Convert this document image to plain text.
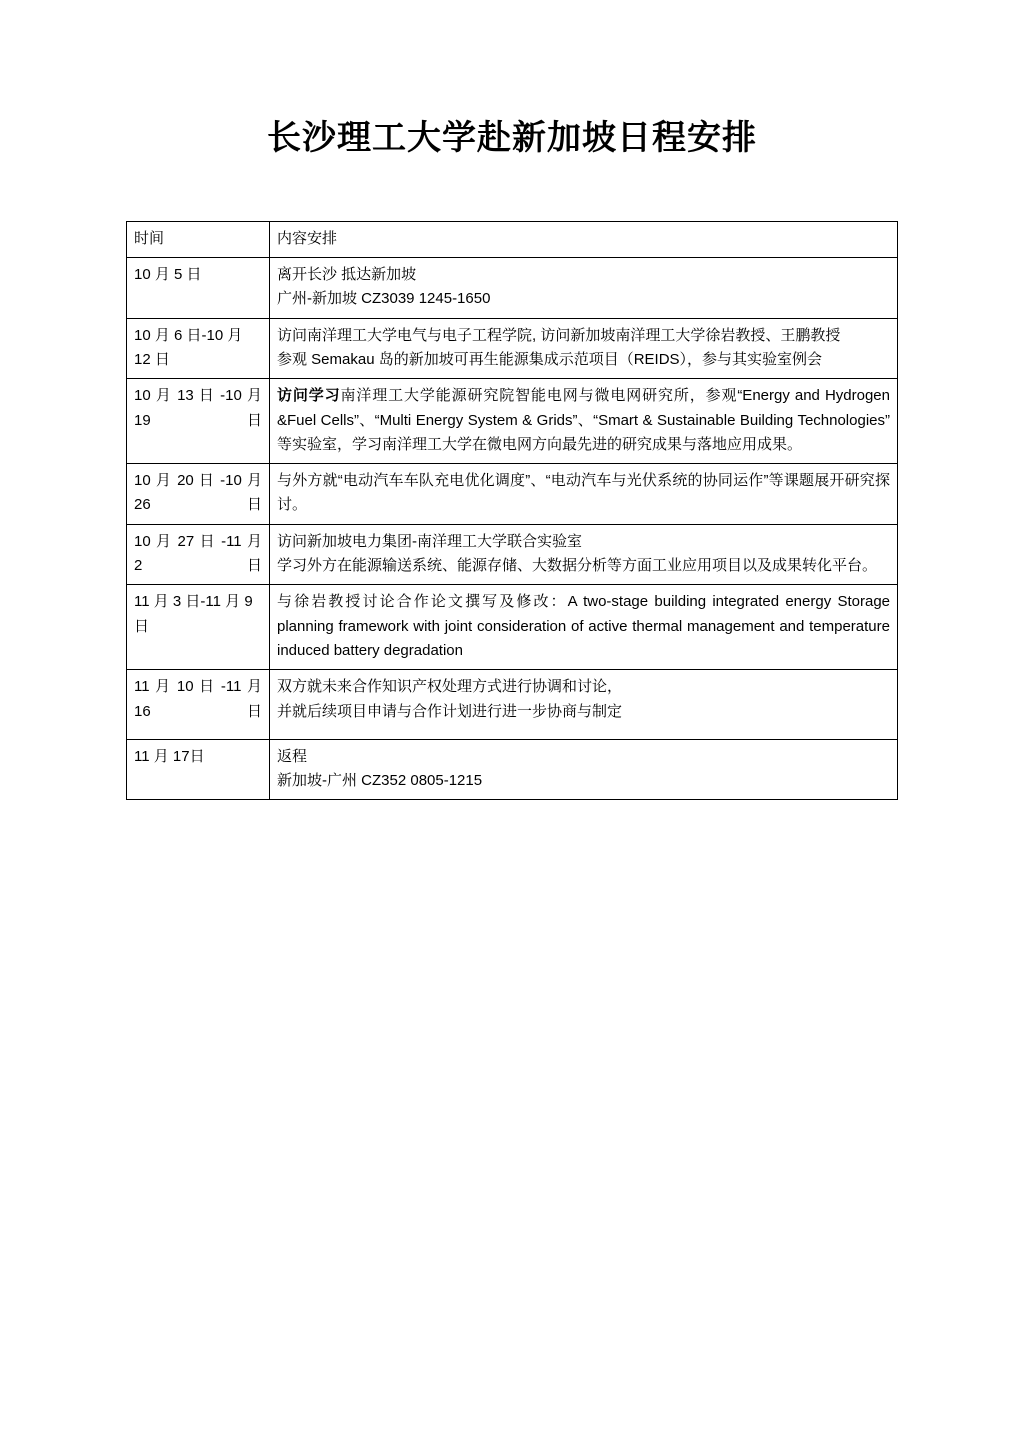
长沙理工大学赴新加坡日程安排
时间	内容安排
10 月 5 日	离开长沙 抵达新加坡
广州-新加坡 CZ3039 1245-1650

10 月 6 日-10 月 12 日	访问南洋理工大学电气与电子工程学院, 访问新加坡南洋理工大学徐岩教授、王鹏教授
参观 Semakau 岛的新加坡可再生能源集成示范项目（REIDS），参与其实验室例会

10 月 13 日 -10 月 19 日	访问学习南洋理工大学能源研究院智能电网与微电网研究所，参观“Energy and Hydrogen &Fuel Cells”、“Multi Energy System & Grids”、“Smart & Sustainable Building Technologies”等实验室，学习南洋理工大学在微电网方向最先进的研究成果与落地应用成果。

10 月 20 日 -10 月 26 日	与外方就“电动汽车车队充电优化调度”、“电动汽车与光伏系统的协同运作”等课题展开研究探讨。

10 月 27 日 -11 月 2 日	访问新加坡电力集团-南洋理工大学联合实验室
学习外方在能源输送系统、能源存储、大数据分析等方面工业应用项目以及成果转化平台。

11 月 3 日-11 月 9 日	与徐岩教授讨论合作论文撰写及修改：A two-stage building integrated energy Storage planning framework with joint consideration of active thermal management and temperature induced battery degradation

11 月 10 日 -11 月 16 日	双方就未来合作知识产权处理方式进行协调和讨论，
并就后续项目申请与合作计划进行进一步协商与制定

11 月 17日	返程
新加坡-广州 CZ352 0805-1215
